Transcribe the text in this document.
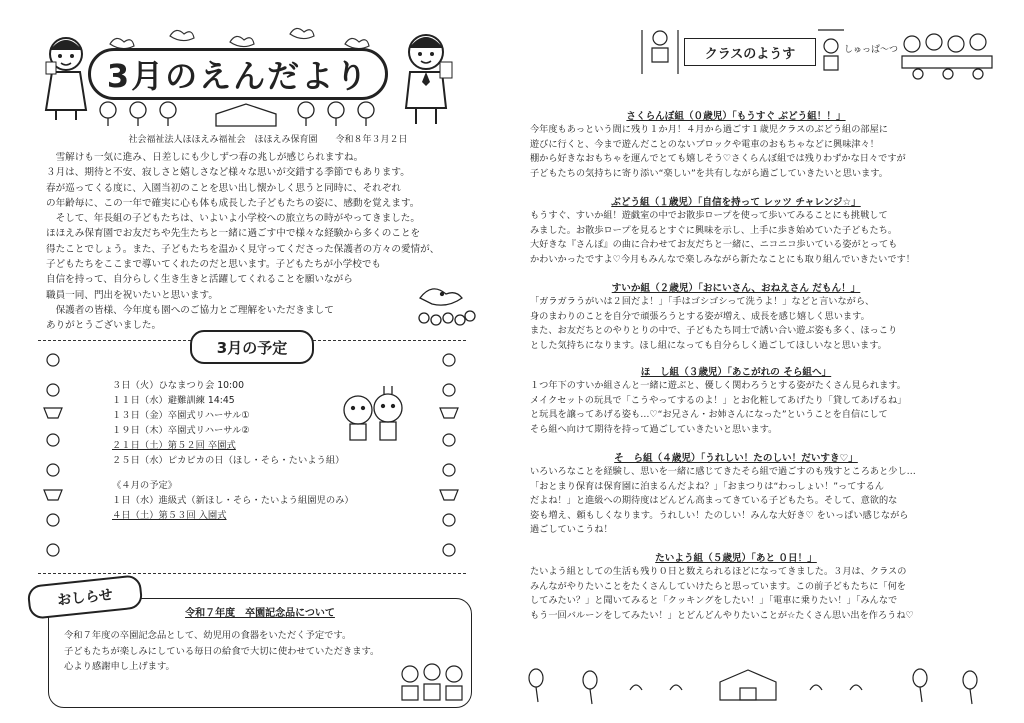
3月のえんだより
社会福祉法人ほほえみ福祉会　ほほえみ保育園　　令和８年３月２日

　雪解けも一気に進み、日差しにも少しずつ春の兆しが感じられますね。

３月は、期待と不安、寂しさと嬉しさなど様々な思いが交錯する季節でもあります。

春が巡ってくる度に、入園当初のことを思い出し懐かしく思うと同時に、それぞれ

の年齢毎に、この一年で確実に心も体も成長した子どもたちの姿に、感動を覚えます。

　そして、年長組の子どもたちは、いよいよ小学校への旅立ちの時がやってきました。

ほほえみ保育園でお友だちや先生たちと一緒に過ごす中で様々な経験から多くのことを

得たことでしょう。また、子どもたちを温かく見守ってくださった保護者の方々の愛情が、

子どもたちをここまで導いてくれたのだと思います。子どもたちが小学校でも

自信を持って、自分らしく生き生きと活躍してくれることを願いながら

職員一同、門出を祝いたいと思います。

　保護者の皆様、今年度も園へのご協力とご理解をいただきまして

ありがとうございました。

3月の予定
３日（火）ひなまつり会 10:00
１１日（水）避難訓練 14:45
１３日（金）卒園式リハーサル①
１９日（木）卒園式リハーサル②
２１日（土）第５２回 卒園式
２５日（水）ピカピカの日（ほし・そら・たいよう組）
《４月の予定》
１日（水）進級式（新ほし・そら・たいよう組園児のみ）
４日（土）第５３回 入園式
おしらせ
令和７年度　卒園記念品について

令和７年度の卒園記念品として、幼児用の食器をいただく予定です。

子どもたちが楽しみにしている毎日の給食で大切に使わせていただきます。

心より感謝申し上げます。

クラスのようす	しゅっぱ〜つ
さくらんぼ組（０歳児）「もうすぐ ぶどう組！！」

今年度もあっという間に残り１か月！４月から過ごす１歳児クラスのぶどう組の部屋に

遊びに行くと、今まで遊んだことのないブロックや電車のおもちゃなどに興味津々！

棚から好きなおもちゃを運んでとても嬉しそう♡さくらんぼ組では残りわずかな日々ですが

子どもたちの気持ちに寄り添い“楽しい”を共有しながら過ごしていきたいと思います。

ぶどう組（１歳児）「自信を持って レッツ チャレンジ☆」

もうすぐ、すいか組！遊戯室の中でお散歩ロープを使って歩いてみることにも挑戦して

みました。お散歩ロープを見るとすぐに興味を示し、上手に歩き始めていた子どもたち。

大好きな『さんぽ』の曲に合わせてお友だちと一緒に、ニコニコ歩いている姿がとっても

かわいかったですよ♡今月もみんなで楽しみながら新たなことにも取り組んでいきたいです！

すいか組（２歳児）「おにいさん、おねえさん だもん！」

「ガラガラうがいは２回だよ！」「手はゴシゴシって洗うよ！」などと言いながら、

身のまわりのことを自分で頑張ろうとする姿が増え、成長を感じ嬉しく思います。

また、お友だちとのやりとりの中で、子どもたち同士で誘い合い遊ぶ姿も多く、ほっこり

とした気持ちになります。ほし組になっても自分らしく過ごしてほしいなと思います。

ほ　し組（３歳児）「あこがれの そら組へ」

１つ年下のすいか組さんと一緒に遊ぶと、優しく関わろうとする姿がたくさん見られます。

メイクセットの玩具で「こうやってするのよ！」とお化粧してあげたり「貸してあげるね」

と玩具を譲ってあげる姿も…♡“お兄さん・お姉さんになった”ということを自信にして

そら組へ向けて期待を持って過ごしていきたいと思います。

そ　ら組（４歳児）「うれしい！たのしい！だいすき♡」

いろいろなことを経験し、思いを一緒に感じてきたそら組で過ごすのも残すところあと少し…

「おとまり保育は保育園に泊まるんだよね？」「おまつりは“わっしょい！”ってするん

だよね！」と進級への期待度はどんどん高まってきている子どもたち。そして、意欲的な

姿も増え、頼もしくなります。うれしい！たのしい！みんな大好き♡ をいっぱい感じながら

過ごしていこうね！

たいよう組（５歳児）「あと ０日！」

たいよう組としての生活も残り０日と数えられるほどになってきました。３月は、クラスの

みんながやりたいことをたくさんしていけたらと思っています。この前子どもたちに「何を

してみたい？」と聞いてみると「クッキングをしたい！」「電車に乗りたい！」「みんなで

もう一回バルーンをしてみたい！」とどんどんやりたいことが☆たくさん思い出を作ろうね♡
